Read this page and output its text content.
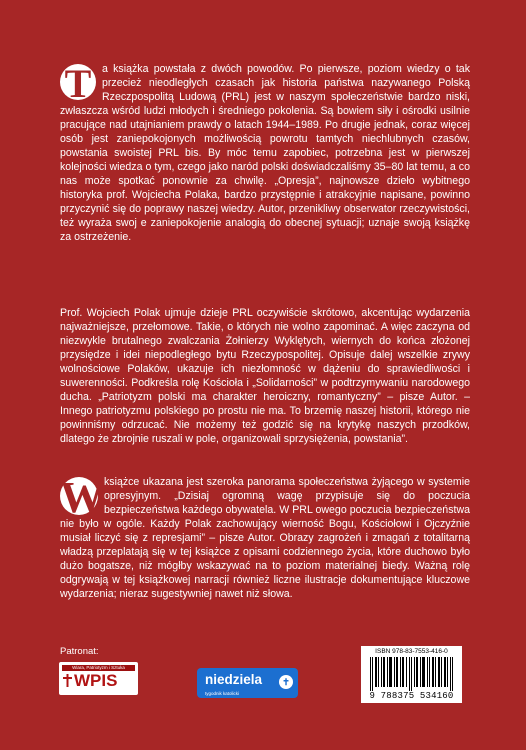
T	a książka powstała z dwóch powodów. Po pierwsze, poziom wiedzy o tak przecież nieodległych czasach jak historia państwa nazywanego Polską Rzeczpospolitą Ludową (PRL) jest w naszym społeczeństwie bardzo niski, zwłaszcza wśród ludzi młodych i średniego pokolenia. Są bowiem siły i ośrodki usilnie pracujące nad utajnianiem prawdy o latach 1944–1989. Po drugie jednak, coraz więcej osób jest zaniepokojonych możliwością powrotu tamtych niechlubnych czasów, powstania swoistej PRL bis. By móc temu zapobiec, potrzebna jest w pierwszej kolejności wiedza o tym, czego jako naród polski doświadczaliśmy 35–80 lat temu, a co nas może spotkać ponownie za chwilę. „Opresja”, najnowsze dzieło wybitnego historyka prof. Wojciecha Polaka, bardzo przystępnie i atrakcyjnie napisane, powinno przyczynić się do poprawy naszej wiedzy. Autor, przenikliwy obserwator rzeczywistości, też wyraża swoj e zaniepokojenie analogią do obecnej sytuacji; uznaje swoją książkę za ostrzeżenie.

Prof. Wojciech Polak ujmuje dzieje PRL oczywiście skrótowo, akcentując wydarzenia najważniejsze, przełomowe. Takie, o których nie wolno zapominać. A więc zaczyna od niezwykle brutalnego zwalczania Żołnierzy Wyklętych, wiernych do końca złożonej przysiędze i idei niepodległego bytu Rzeczypospolitej. Opisuje dalej wszelkie zrywy wolnościowe Polaków, ukazuje ich niezłomność w dążeniu do sprawiedliwości i suwerenności. Podkreśla rolę Kościoła i „Solidarności” w podtrzymywaniu narodowego ducha. „Patriotyzm polski ma charakter heroiczny, romantyczny” – pisze Autor. – Innego patriotyzmu polskiego po prostu nie ma. To brzemię naszej historii, którego nie powinniśmy odrzucać. Nie możemy też godzić się na krytykę naszych przodków, dlatego że zbrojnie ruszali w pole, organizowali sprzysiężenia, powstania”.

W książce ukazana jest szeroka panorama społeczeństwa żyjącego w systemie opresyjnym. „Dzisiaj ogromną wagę przypisuje się do poczucia bezpieczeństwa każdego obywatela. W PRL owego poczucia bezpieczeństwa nie było w ogóle. Każdy Polak zachowujący wierność Bogu, Kościołowi i Ojczyźnie musiał liczyć się z represjami” – pisze Autor. Obrazy zagrożeń i zmagań z totalitarną władzą przeplatają się w tej książce z opisami codziennego życia, które duchowo było dużo bogatsze, niż mógłby wskazywać na to poziom materialnej biedy. Ważną rolę odgrywają w tej książkowej narracji również liczne ilustracje dokumentujące kluczowe wydarzenia; nieraz sugestywniej nawet niż słowa.

Patronat:
Wiara, Patriotyzm i Sztuka
WPIS	niedziela	✝
tygodnik katolicki
ISBN 978-83-7553-416-0
9 788375 534160
